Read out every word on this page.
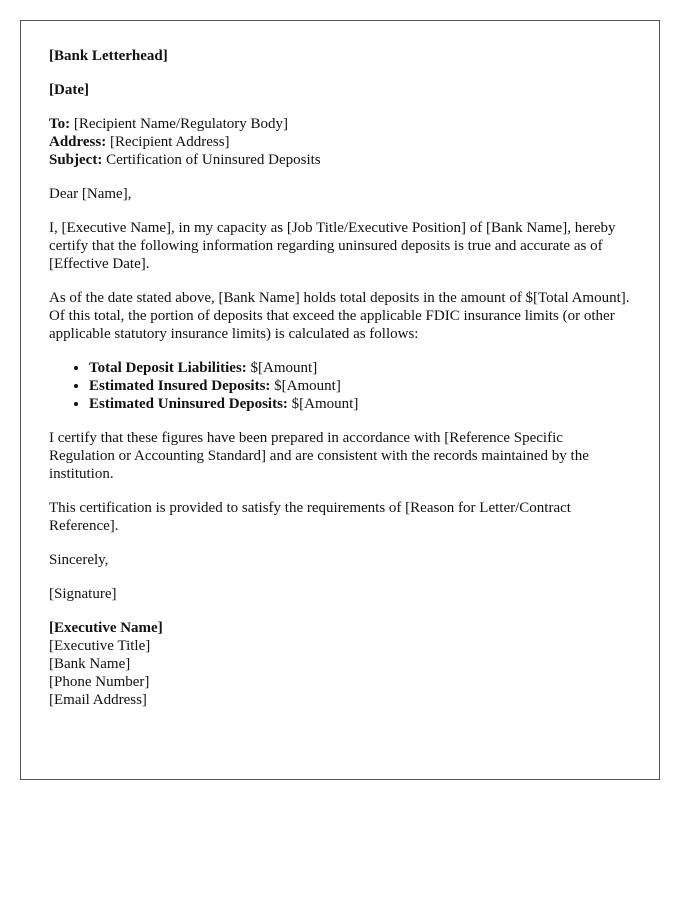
[Bank Letterhead]

[Date]

To: [Recipient Name/Regulatory Body]
Address: [Recipient Address]
Subject: Certification of Uninsured Deposits

Dear [Name],

I, [Executive Name], in my capacity as [Job Title/Executive Position] of [Bank Name], hereby certify that the following information regarding uninsured deposits is true and accurate as of [Effective Date].

As of the date stated above, [Bank Name] holds total deposits in the amount of $[Total Amount]. Of this total, the portion of deposits that exceed the applicable FDIC insurance limits (or other applicable statutory insurance limits) is calculated as follows:

• Total Deposit Liabilities: $[Amount]
• Estimated Insured Deposits: $[Amount]
• Estimated Uninsured Deposits: $[Amount]

I certify that these figures have been prepared in accordance with [Reference Specific Regulation or Accounting Standard] and are consistent with the records maintained by the institution.

This certification is provided to satisfy the requirements of [Reason for Letter/Contract Reference].

Sincerely,

[Signature]

[Executive Name]
[Executive Title]
[Bank Name]
[Phone Number]
[Email Address]
